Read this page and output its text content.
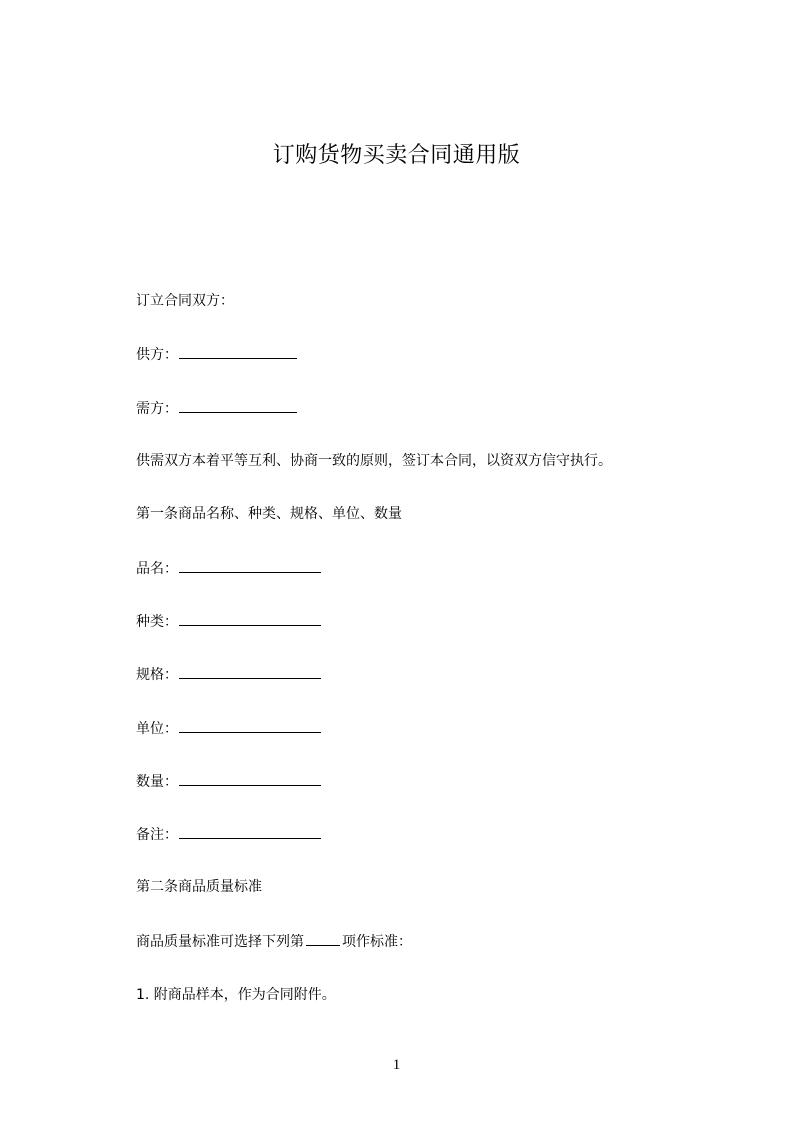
订购货物买卖合同通用版
订立合同双方：
供方：
需方：
供需双方本着平等互利、协商一致的原则，签订本合同，以资双方信守执行。
第一条商品名称、种类、规格、单位、数量
品名：
种类：
规格：
单位：
数量：
备注：
第二条商品质量标准
商品质量标准可选择下列第	项作标准：
1. 附商品样本，作为合同附件。
1
